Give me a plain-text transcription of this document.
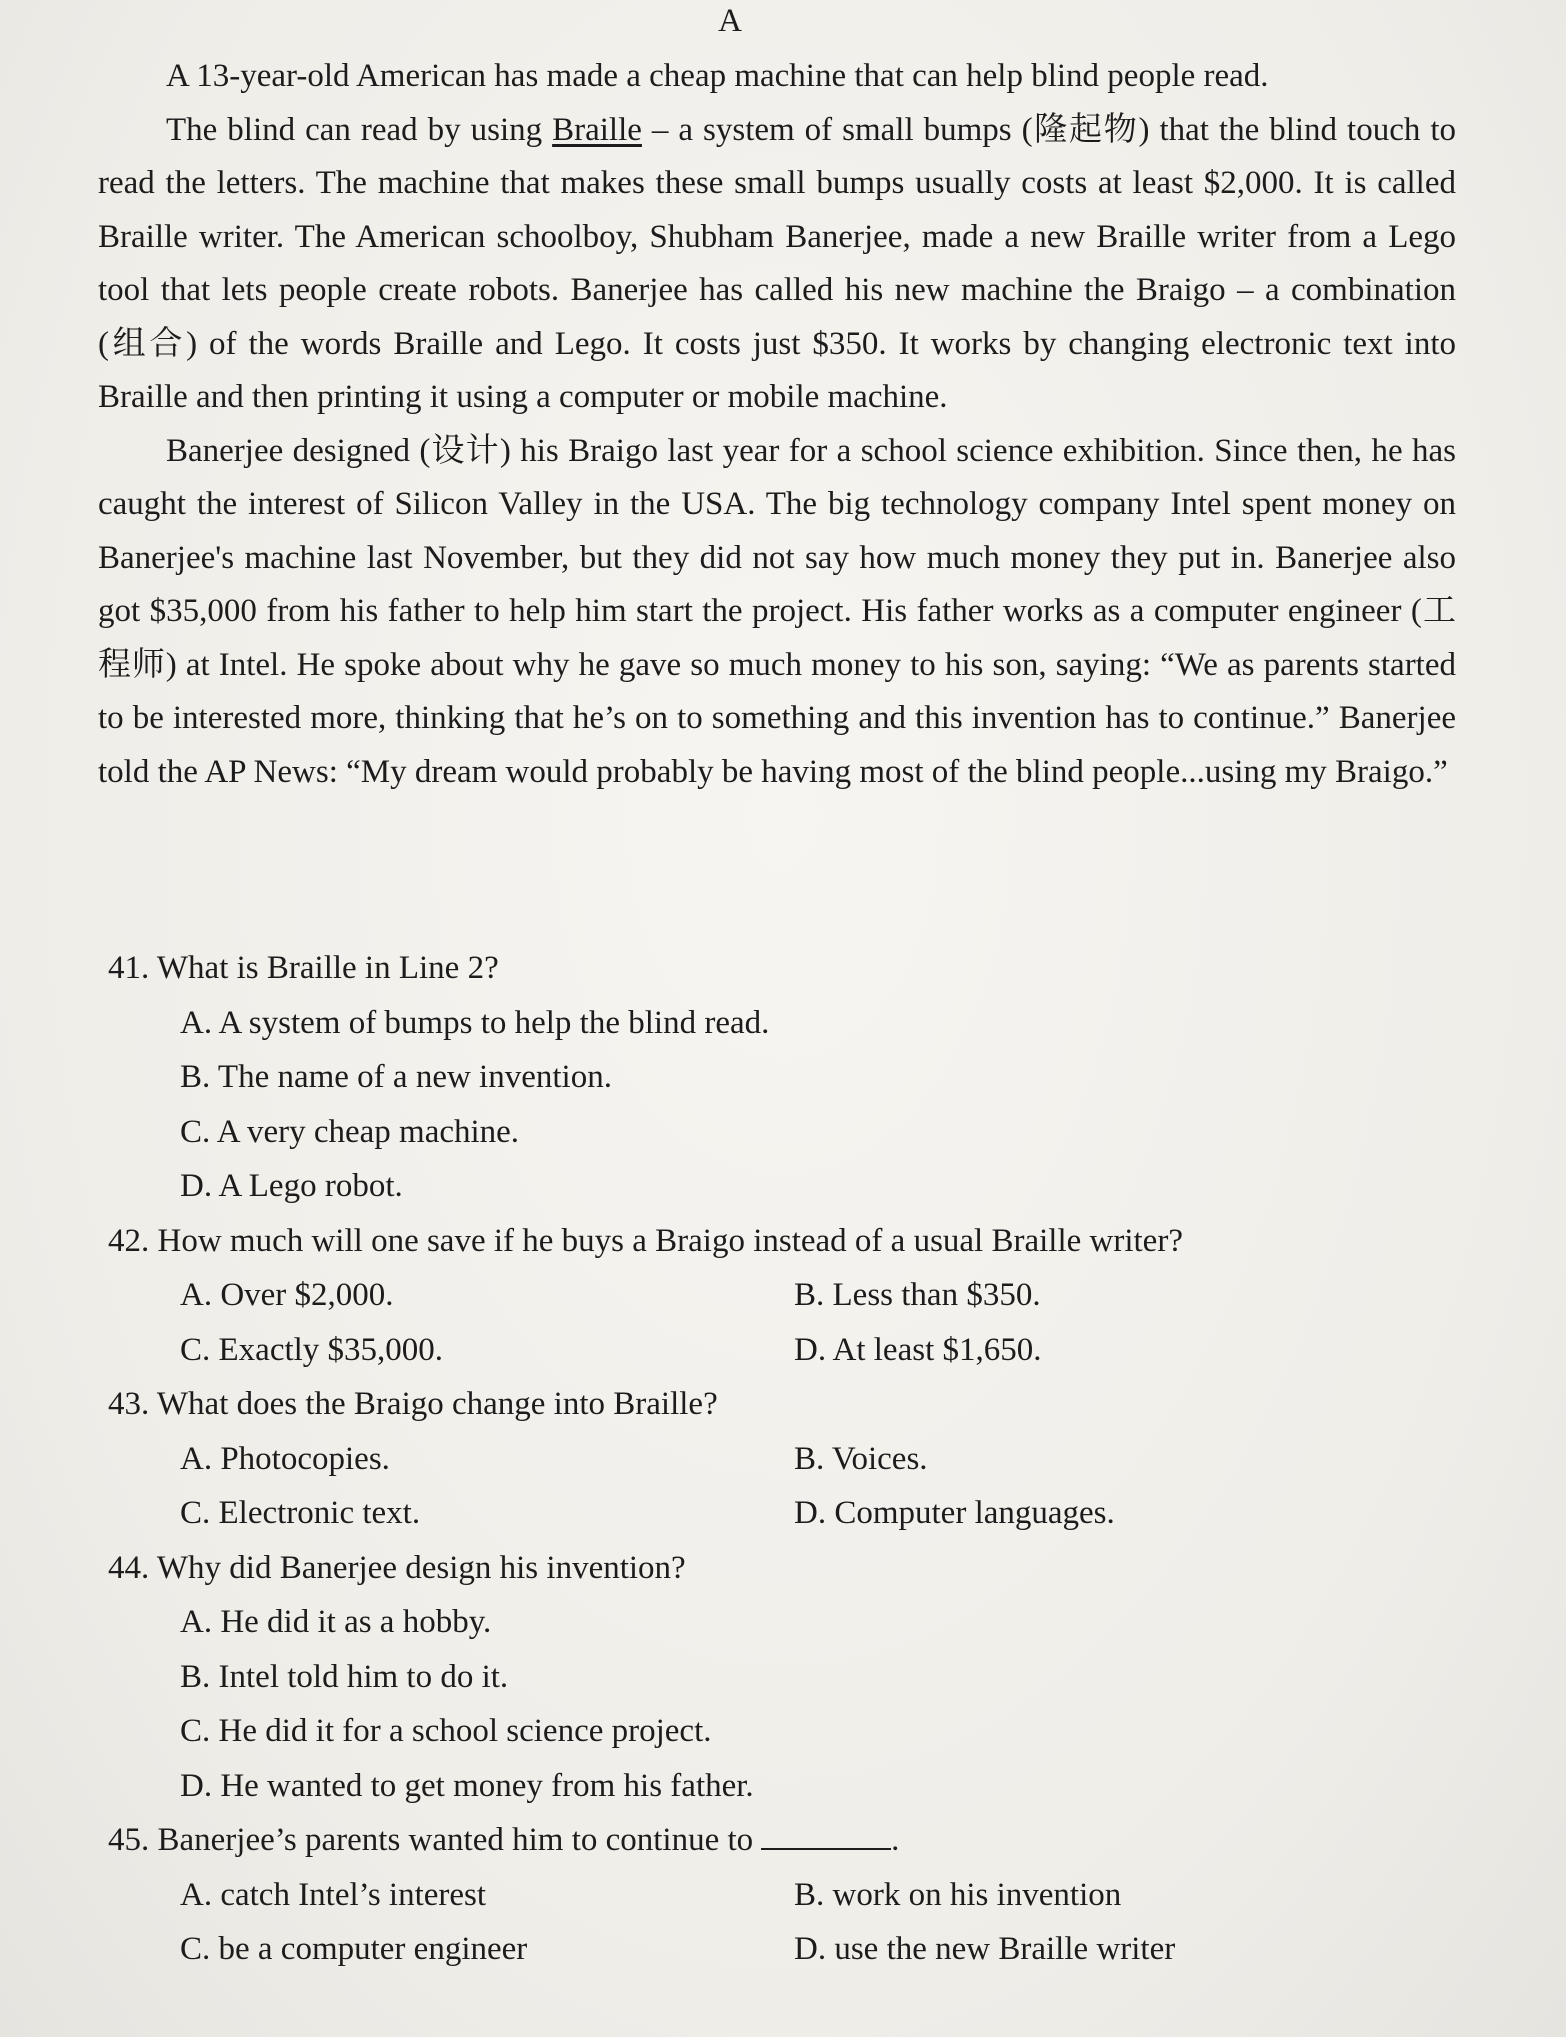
A

A 13-year-old American has made a cheap machine that can help blind people read.

The blind can read by using Braille – a system of small bumps (隆起物) that the blind touch to read the letters. The machine that makes these small bumps usually costs at least $2,000. It is called Braille writer. The American schoolboy, Shubham Banerjee, made a new Braille writer from a Lego tool that lets people create robots. Banerjee has called his new machine the Braigo – a combination (组合) of the words Braille and Lego. It costs just $350. It works by changing electronic text into Braille and then printing it using a computer or mobile machine.

Banerjee designed (设计) his Braigo last year for a school science exhibition. Since then, he has caught the interest of Silicon Valley in the USA. The big technology company Intel spent money on Banerjee's machine last November, but they did not say how much money they put in. Banerjee also got $35,000 from his father to help him start the project. His father works as a computer engineer (工程师) at Intel. He spoke about why he gave so much money to his son, saying: “We as parents started to be interested more, thinking that he’s on to something and this invention has to continue.” Banerjee told the AP News: “My dream would probably be having most of the blind people...using my Braigo.”

41. What is Braille in Line 2?
A. A system of bumps to help the blind read.
B. The name of a new invention.
C. A very cheap machine.
D. A Lego robot.
42. How much will one save if he buys a Braigo instead of a usual Braille writer?
A. Over $2,000.	B. Less than $350.
C. Exactly $35,000.	D. At least $1,650.
43. What does the Braigo change into Braille?
A. Photocopies.	B. Voices.
C. Electronic text.	D. Computer languages.
44. Why did Banerjee design his invention?
A. He did it as a hobby.
B. Intel told him to do it.
C. He did it for a school science project.
D. He wanted to get money from his father.
45. Banerjee’s parents wanted him to continue to	.
A. catch Intel’s interest	B. work on his invention
C. be a computer engineer	D. use the new Braille writer
